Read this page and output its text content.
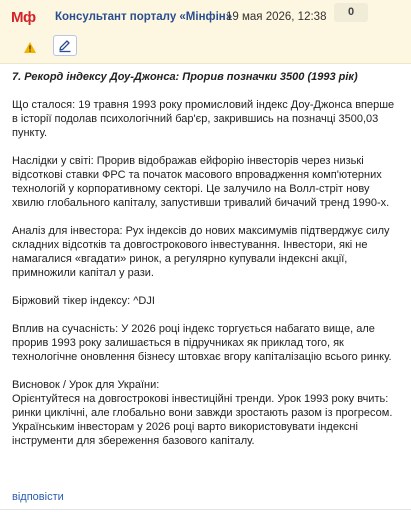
Мф Консультант порталу «Мінфін»
19 мая 2026, 12:38	0

7. Рекорд індексу Доу-Джонса: Прорив позначки 3500 (1993 рік)

Що сталося: 19 травня 1993 року промисловий індекс Доу-Джонса вперше в історії подолав психологічний бар'єр, закрившись на позначці 3500,03 пункту.

Наслідки у світі: Прорив відображав ейфорію інвесторів через низькі відсоткові ставки ФРС та початок масового впровадження комп'ютерних технологій у корпоративному секторі. Це залучило на Волл-стріт нову хвилю глобального капіталу, запустивши тривалий бичачий тренд 1990-х.

Аналіз для інвестора: Рух індексів до нових максимумів підтверджує силу складних відсотків та довгострокового інвестування. Інвестори, які не намагалися «вгадати» ринок, а регулярно купували індексні акції, примножили капітал у рази.

Біржовий тікер індексу: ^DJI

Вплив на сучасність: У 2026 році індекс торгується набагато вище, але прорив 1993 року залишається в підручниках як приклад того, як технологічне оновлення бізнесу штовхає вгору капіталізацію всього ринку.

Висновок / Урок для України:
Орієнтуйтеся на довгострокові інвестиційні тренди. Урок 1993 року вчить: ринки циклічні, але глобально вони завжди зростають разом із прогресом. Українським інвесторам у 2026 році варто використовувати індексні інструменти для збереження базового капіталу.
відповісти
